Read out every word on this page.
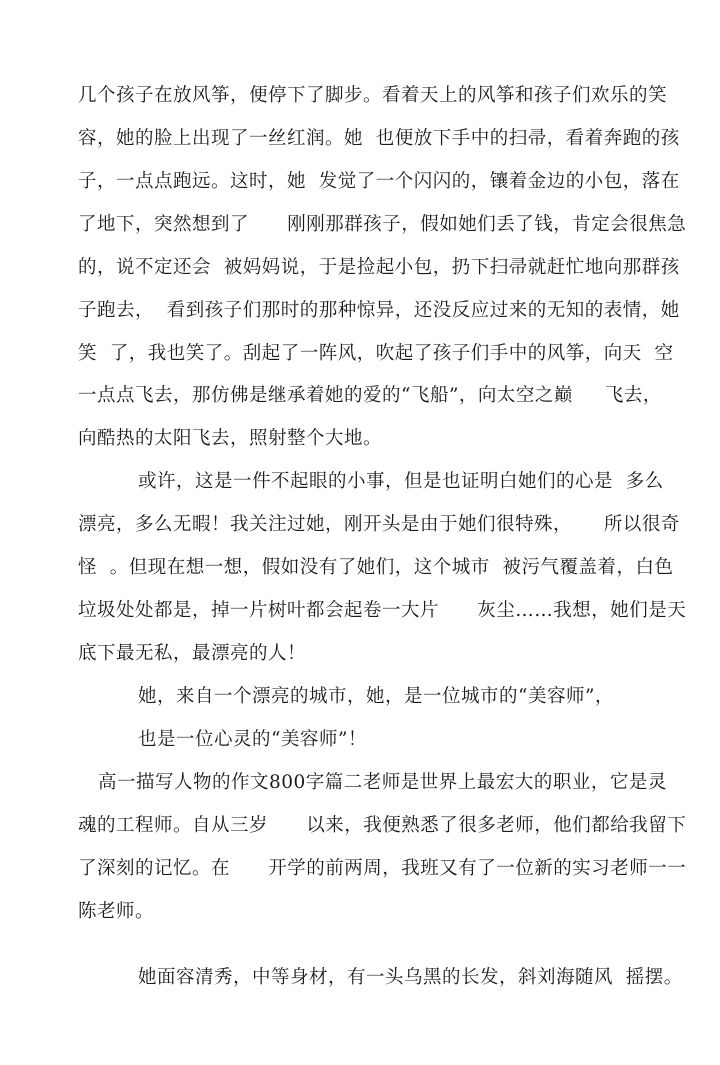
几个孩子在放风筝，便停下了脚步。看着天上的风筝和孩子们欢乐的笑
容，她的脸上出现了一丝红润。她  也便放下手中的扫帚，看着奔跑的孩
子，一点点跑远。这时，她  发觉了一个闪闪的，镶着金边的小包，落在
了地下，突然想到了      刚刚那群孩子，假如她们丢了钱，肯定会很焦急
的，说不定还会  被妈妈说，于是捡起小包，扔下扫帚就赶忙地向那群孩
子跑去，  看到孩子们那时的那种惊异，还没反应过来的无知的表情，她
笑  了，我也笑了。刮起了一阵风，吹起了孩子们手中的风筝，向天  空
一点点飞去，那仿佛是继承着她的爱的“飞船”，向太空之巅     飞去，
向酷热的太阳飞去，照射整个大地。
或许，这是一件不起眼的小事，但是也证明白她们的心是  多么
漂亮，多么无暇！我关注过她，刚开头是由于她们很特殊，     所以很奇
怪  。但现在想一想，假如没有了她们，这个城市  被污气覆盖着，白色
垃圾处处都是，掉一片树叶都会起卷一大片      灰尘……我想，她们是天
底下最无私，最漂亮的人！
她，来自一个漂亮的城市，她，是一位城市的“美容师”，
也是一位心灵的“美容师”！
高一描写人物的作文800字篇二老师是世界上最宏大的职业，它是灵
魂的工程师。自从三岁      以来，我便熟悉了很多老师，他们都给我留下
了深刻的记忆。在      开学的前两周，我班又有了一位新的实习老师一一
陈老师。
她面容清秀，中等身材，有一头乌黑的长发，斜刘海随风  摇摆。
